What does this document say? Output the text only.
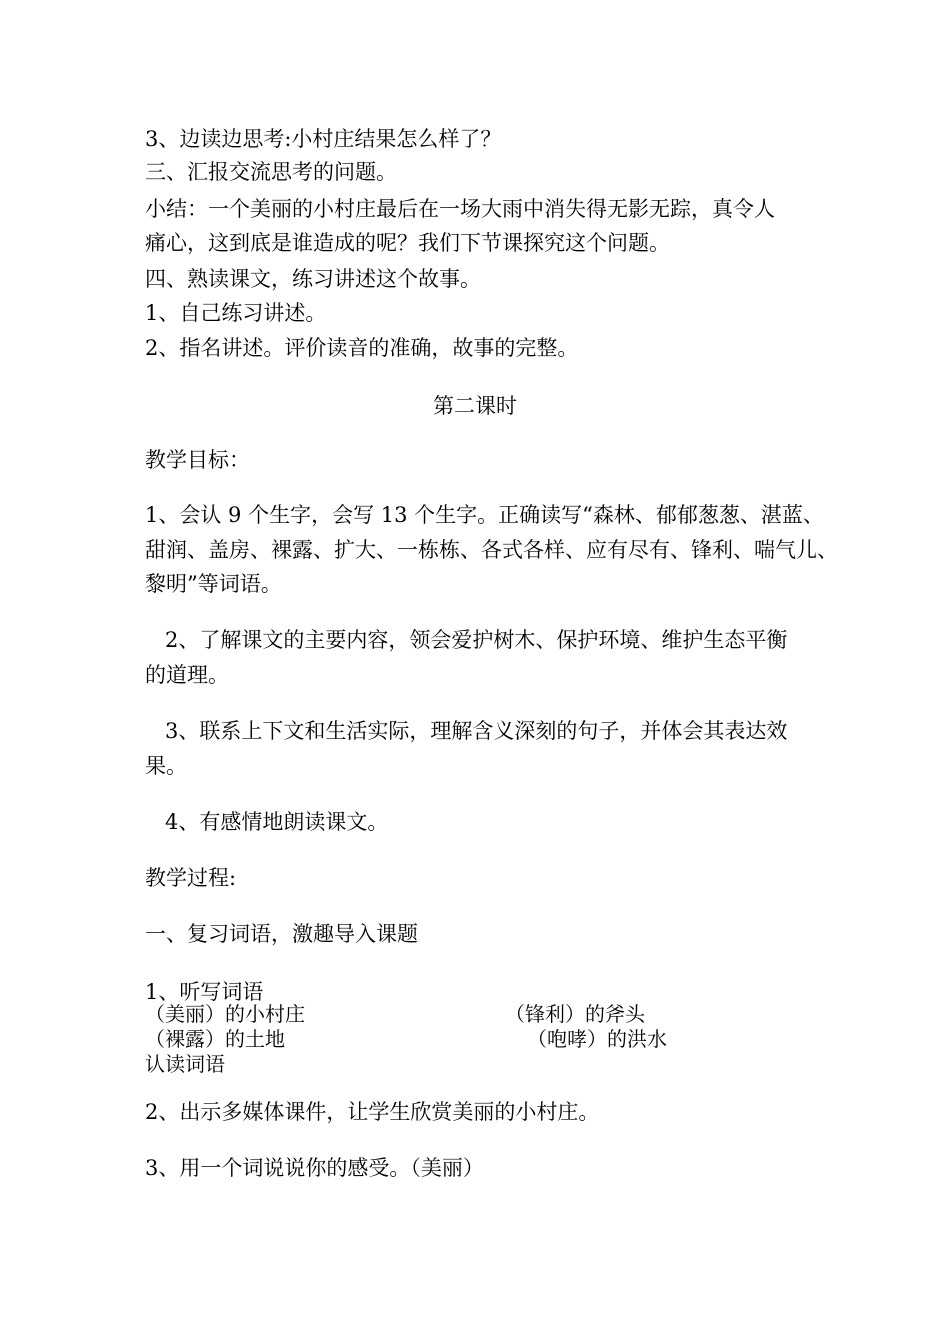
3、边读边思考:小村庄结果怎么样了？

三、汇报交流思考的问题。

小结：一个美丽的小村庄最后在一场大雨中消失得无影无踪，真令人

痛心，这到底是谁造成的呢？我们下节课探究这个问题。

四、熟读课文，练习讲述这个故事。

1、自己练习讲述。

2、指名讲述。评价读音的准确，故事的完整。

第二课时

教学目标：

1、会认 9 个生字，会写 13 个生字。正确读写“森林、郁郁葱葱、湛蓝、

甜润、盖房、裸露、扩大、一栋栋、各式各样、应有尽有、锋利、喘气儿、

黎明”等词语。

2、了解课文的主要内容，领会爱护树木、保护环境、维护生态平衡

的道理。

3、联系上下文和生活实际，理解含义深刻的句子，并体会其表达效

果。

4、有感情地朗读课文。

教学过程:

一、复习词语，激趣导入课题

1、听写词语

（美丽）的小村庄	（锋利）的斧头
（裸露）的土地	（咆哮）的洪水
认读词语

2、出示多媒体课件，让学生欣赏美丽的小村庄。

3、用一个词说说你的感受。（美丽）
